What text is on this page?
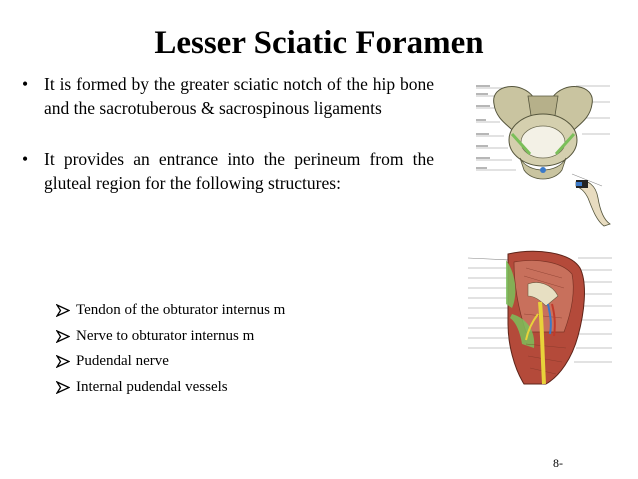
Lesser Sciatic Foramen
• It is formed by the greater sciatic notch of the hip bone and the sacrotuberous & sacrospinous ligaments
• It provides an entrance into the perineum from the gluteal region for the following structures:
Tendon of the obturator internus m
Nerve to obturator internus m
Pudendal nerve
Internal pudendal vessels
8-
